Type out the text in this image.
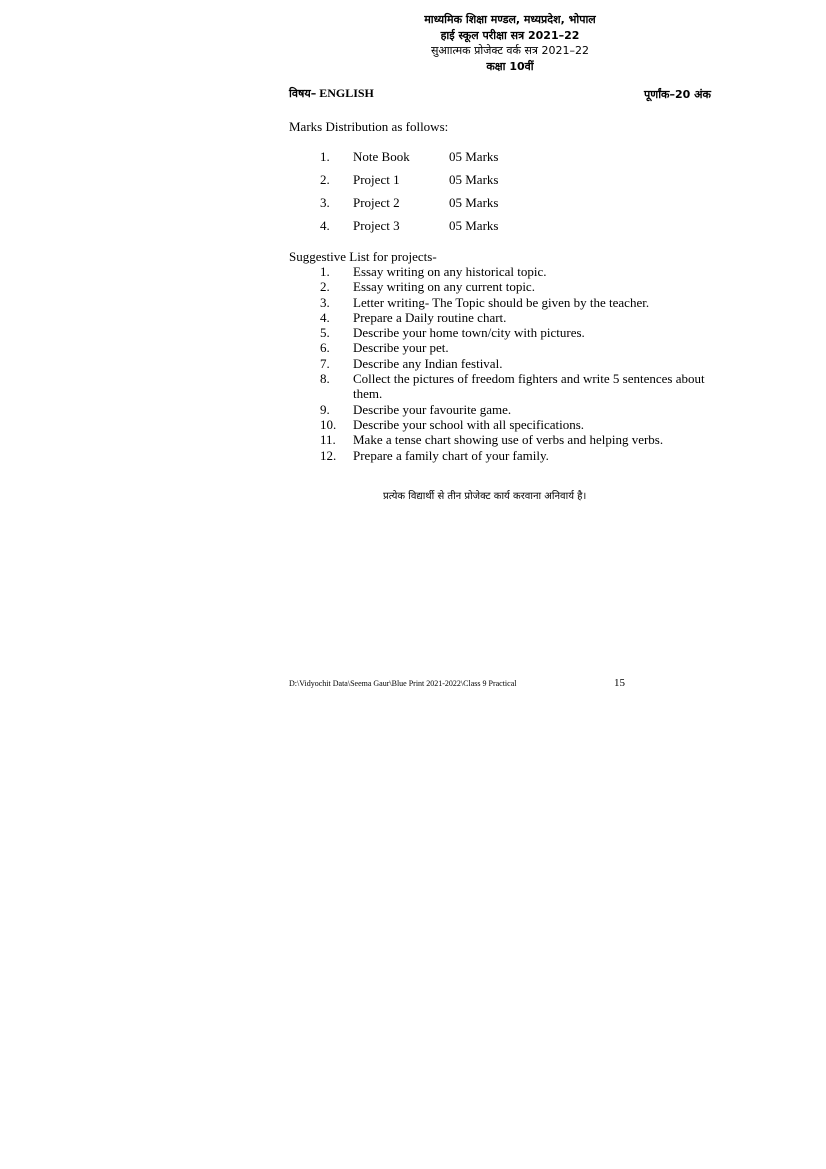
माध्यमिक शिक्षा मण्डल, मध्यप्रदेश, भोपाल
हाई स्कूल परीक्षा सत्र 2021–22
सुआात्मक प्रोजेक्ट वर्क सत्र 2021–22
कक्षा 10वीं
विषय– ENGLISH	पूर्णांक–20 अंक
Marks Distribution as follows:
1. Note Book	05 Marks
2. Project 1	05 Marks
3. Project 2	05 Marks
4. Project 3	05 Marks
Suggestive List for projects-
1. Essay writing on any historical topic.
2. Essay writing on any current topic.
3. Letter writing- The Topic should be given by the teacher.
4. Prepare a Daily routine chart.
5. Describe your home town/city with pictures.
6. Describe your pet.
7. Describe any Indian festival.
8. Collect the pictures of freedom fighters and write 5 sentences about them.
9. Describe your favourite game.
10. Describe your school with all specifications.
11. Make a tense chart showing use of verbs and helping verbs.
12. Prepare a family chart of your family.
प्रत्येक विद्यार्थी से तीन प्रोजेक्ट कार्य करवाना अनिवार्य है।
D:\Vidyochit Data\Seema Gaur\Blue Print 2021-2022\Class 9 Practical	15
